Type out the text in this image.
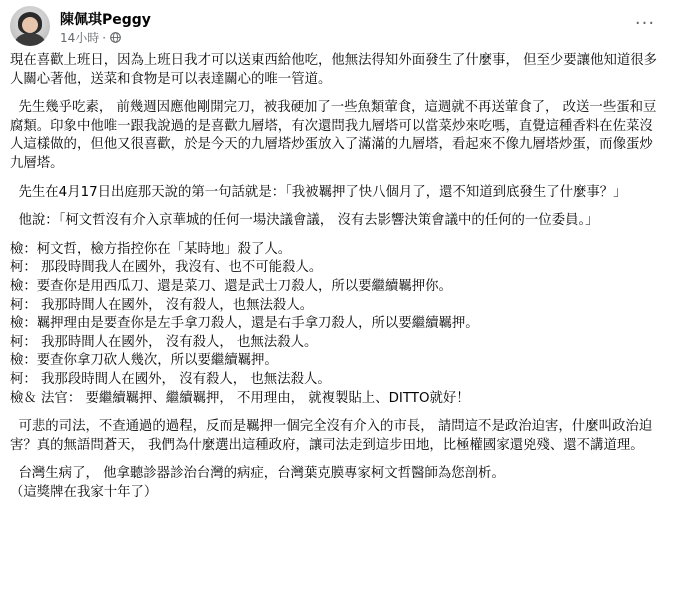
陳佩琪Peggy
14小時 ·
···

現在喜歡上班日，因為上班日我才可以送東西給他吃，他無法得知外面發生了什麼事， 但至少要讓他知道很多人關心著他，送菜和食物是可以表達關心的唯一管道。

先生幾乎吃素， 前幾週因應他剛開完刀，被我硬加了一些魚類葷食，這週就不再送葷食了， 改送一些蛋和豆腐類。印象中他唯一跟我說過的是喜歡九層塔，有次還問我九層塔可以當菜炒來吃嗎，直覺這種香料在佐菜沒人這樣做的，但他又很喜歡，於是今天的九層塔炒蛋放入了滿滿的九層塔，看起來不像九層塔炒蛋，而像蛋炒九層塔。

先生在4月17日出庭那天說的第一句話就是：「我被羈押了快八個月了，還不知道到底發生了什麼事？」

他說：「柯文哲沒有介入京華城的任何一場決議會議， 沒有去影響決策會議中的任何的一位委員。」

檢：柯文哲，檢方指控你在「某時地」殺了人。

柯： 那段時間我人在國外，我沒有、也不可能殺人。

檢：要查你是用西瓜刀、還是菜刀、還是武士刀殺人，所以要繼續羈押你。

柯： 我那時間人在國外， 沒有殺人，也無法殺人。

檢：羈押理由是要查你是左手拿刀殺人，還是右手拿刀殺人，所以要繼續羈押。

柯： 我那時間人在國外， 沒有殺人， 也無法殺人。

檢：要查你拿刀砍人幾次，所以要繼續羈押。

柯： 我那段時間人在國外， 沒有殺人， 也無法殺人。

檢＆ 法官： 要繼續羈押、繼續羈押， 不用理由， 就複製貼上、DITTO就好！

可悲的司法，不查通過的過程，反而是羈押一個完全沒有介入的市長， 請問這不是政治迫害，什麼叫政治迫害？真的無語問蒼天， 我們為什麼選出這種政府，讓司法走到這步田地，比極權國家還兇殘、還不講道理。

台灣生病了， 他拿聽診器診治台灣的病症，台灣葉克膜專家柯文哲醫師為您剖析。

（這獎牌在我家十年了）
